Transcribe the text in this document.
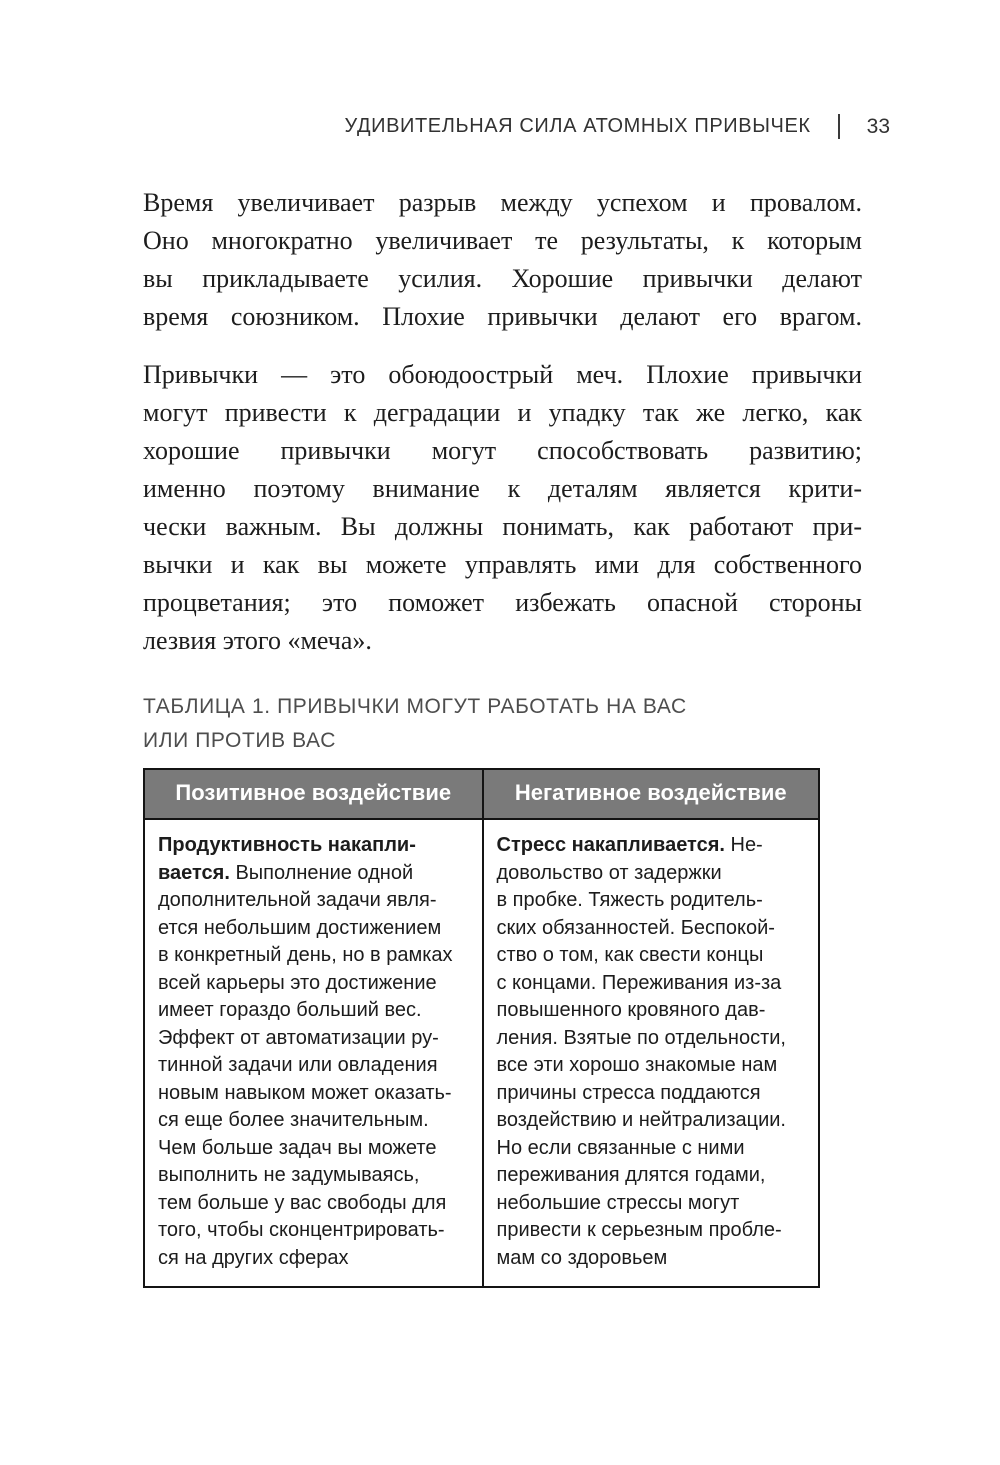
УДИВИТЕЛЬНАЯ СИЛА АТОМНЫХ ПРИВЫЧЕК	33
Время увеличивает разрыв между успехом и провалом.
Оно многократно увеличивает те результаты, к которым
вы прикладываете усилия. Хорошие привычки делают
время союзником. Плохие привычки делают его врагом.
Привычки — это обоюдоострый меч. Плохие привычки
могут привести к деградации и упадку так же легко, как
хорошие привычки могут способствовать развитию;
именно поэтому внимание к деталям является крити-
чески важным. Вы должны понимать, как работают при-
вычки и как вы можете управлять ими для собственного
процветания; это поможет избежать опасной стороны
лезвия этого «меча».
ТАБЛИЦА 1. ПРИВЫЧКИ МОГУТ РАБОТАТЬ НА ВАС
ИЛИ ПРОТИВ ВАС
Позитивное воздействие	Негативное воздействие
Продуктивность накапли-
вается. Выполнение одной
дополнительной задачи явля-
ется небольшим достижением
в конкретный день, но в рамках
всей карьеры это достижение
имеет гораздо больший вес.
Эффект от автоматизации ру-
тинной задачи или овладения
новым навыком может оказать-
ся еще более значительным.
Чем больше задач вы можете
выполнить не задумываясь,
тем больше у вас свободы для
того, чтобы сконцентрировать-
ся на других сферах
Стресс накапливается. Не-
довольство от задержки
в пробке. Тяжесть родитель-
ских обязанностей. Беспокой-
ство о том, как свести концы
с концами. Переживания из-за
повышенного кровяного дав-
ления. Взятые по отдельности,
все эти хорошо знакомые нам
причины стресса поддаются
воздействию и нейтрализации.
Но если связанные с ними
переживания длятся годами,
небольшие стрессы могут
привести к серьезным пробле-
мам со здоровьем
